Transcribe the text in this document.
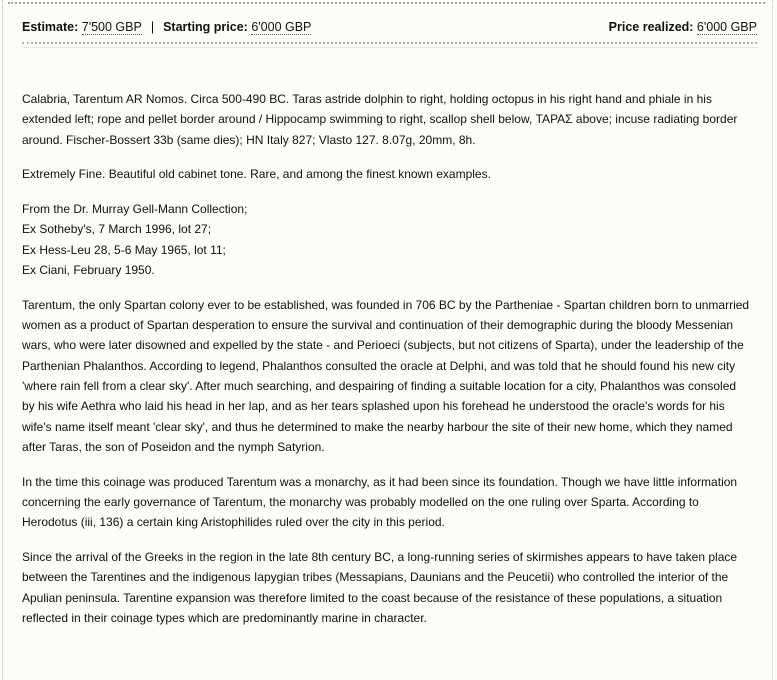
Estimate:
7'500 GBP | Starting price:
6'000 GBP	Price realized: 6'000 GBP

Calabria, Tarentum AR Nomos. Circa 500-490 BC. Taras astride dolphin to right, holding octopus in his right hand and phiale in his extended left; rope and pellet border around / Hippocamp swimming to right, scallop shell below, ΤΑΡΑΣ above; incuse radiating border around. Fischer-Bossert 33b (same dies); HN Italy 827; Vlasto 127. 8.07g, 20mm, 8h.

Extremely Fine. Beautiful old cabinet tone. Rare, and among the finest known examples.

From the Dr. Murray Gell-Mann Collection;

Ex Sotheby's, 7 March 1996, lot 27;

Ex Hess-Leu 28, 5-6 May 1965, lot 11;

Ex Ciani, February 1950.

Tarentum, the only Spartan colony ever to be established, was founded in 706 BC by the Partheniae - Spartan children born to unmarried women as a product of Spartan desperation to ensure the survival and continuation of their demographic during the bloody Messenian wars, who were later disowned and expelled by the state - and Perioeci (subjects, but not citizens of Sparta), under the leadership of the Parthenian Phalanthos. According to legend, Phalanthos consulted the oracle at Delphi, and was told that he should found his new city 'where rain fell from a clear sky'. After much searching, and despairing of finding a suitable location for a city, Phalanthos was consoled by his wife Aethra who laid his head in her lap, and as her tears splashed upon his forehead he understood the oracle's words for his wife's name itself meant 'clear sky', and thus he determined to make the nearby harbour the site of their new home, which they named after Taras, the son of Poseidon and the nymph Satyrion.

In the time this coinage was produced Tarentum was a monarchy, as it had been since its foundation. Though we have little information concerning the early governance of Tarentum, the monarchy was probably modelled on the one ruling over Sparta. According to Herodotus (iii, 136) a certain king Aristophilides ruled over the city in this period.

Since the arrival of the Greeks in the region in the late 8th century BC, a long-running series of skirmishes appears to have taken place between the Tarentines and the indigenous Iapygian tribes (Messapians, Daunians and the Peucetii) who controlled the interior of the Apulian peninsula. Tarentine expansion was therefore limited to the coast because of the resistance of these populations, a situation reflected in their coinage types which are predominantly marine in character.
